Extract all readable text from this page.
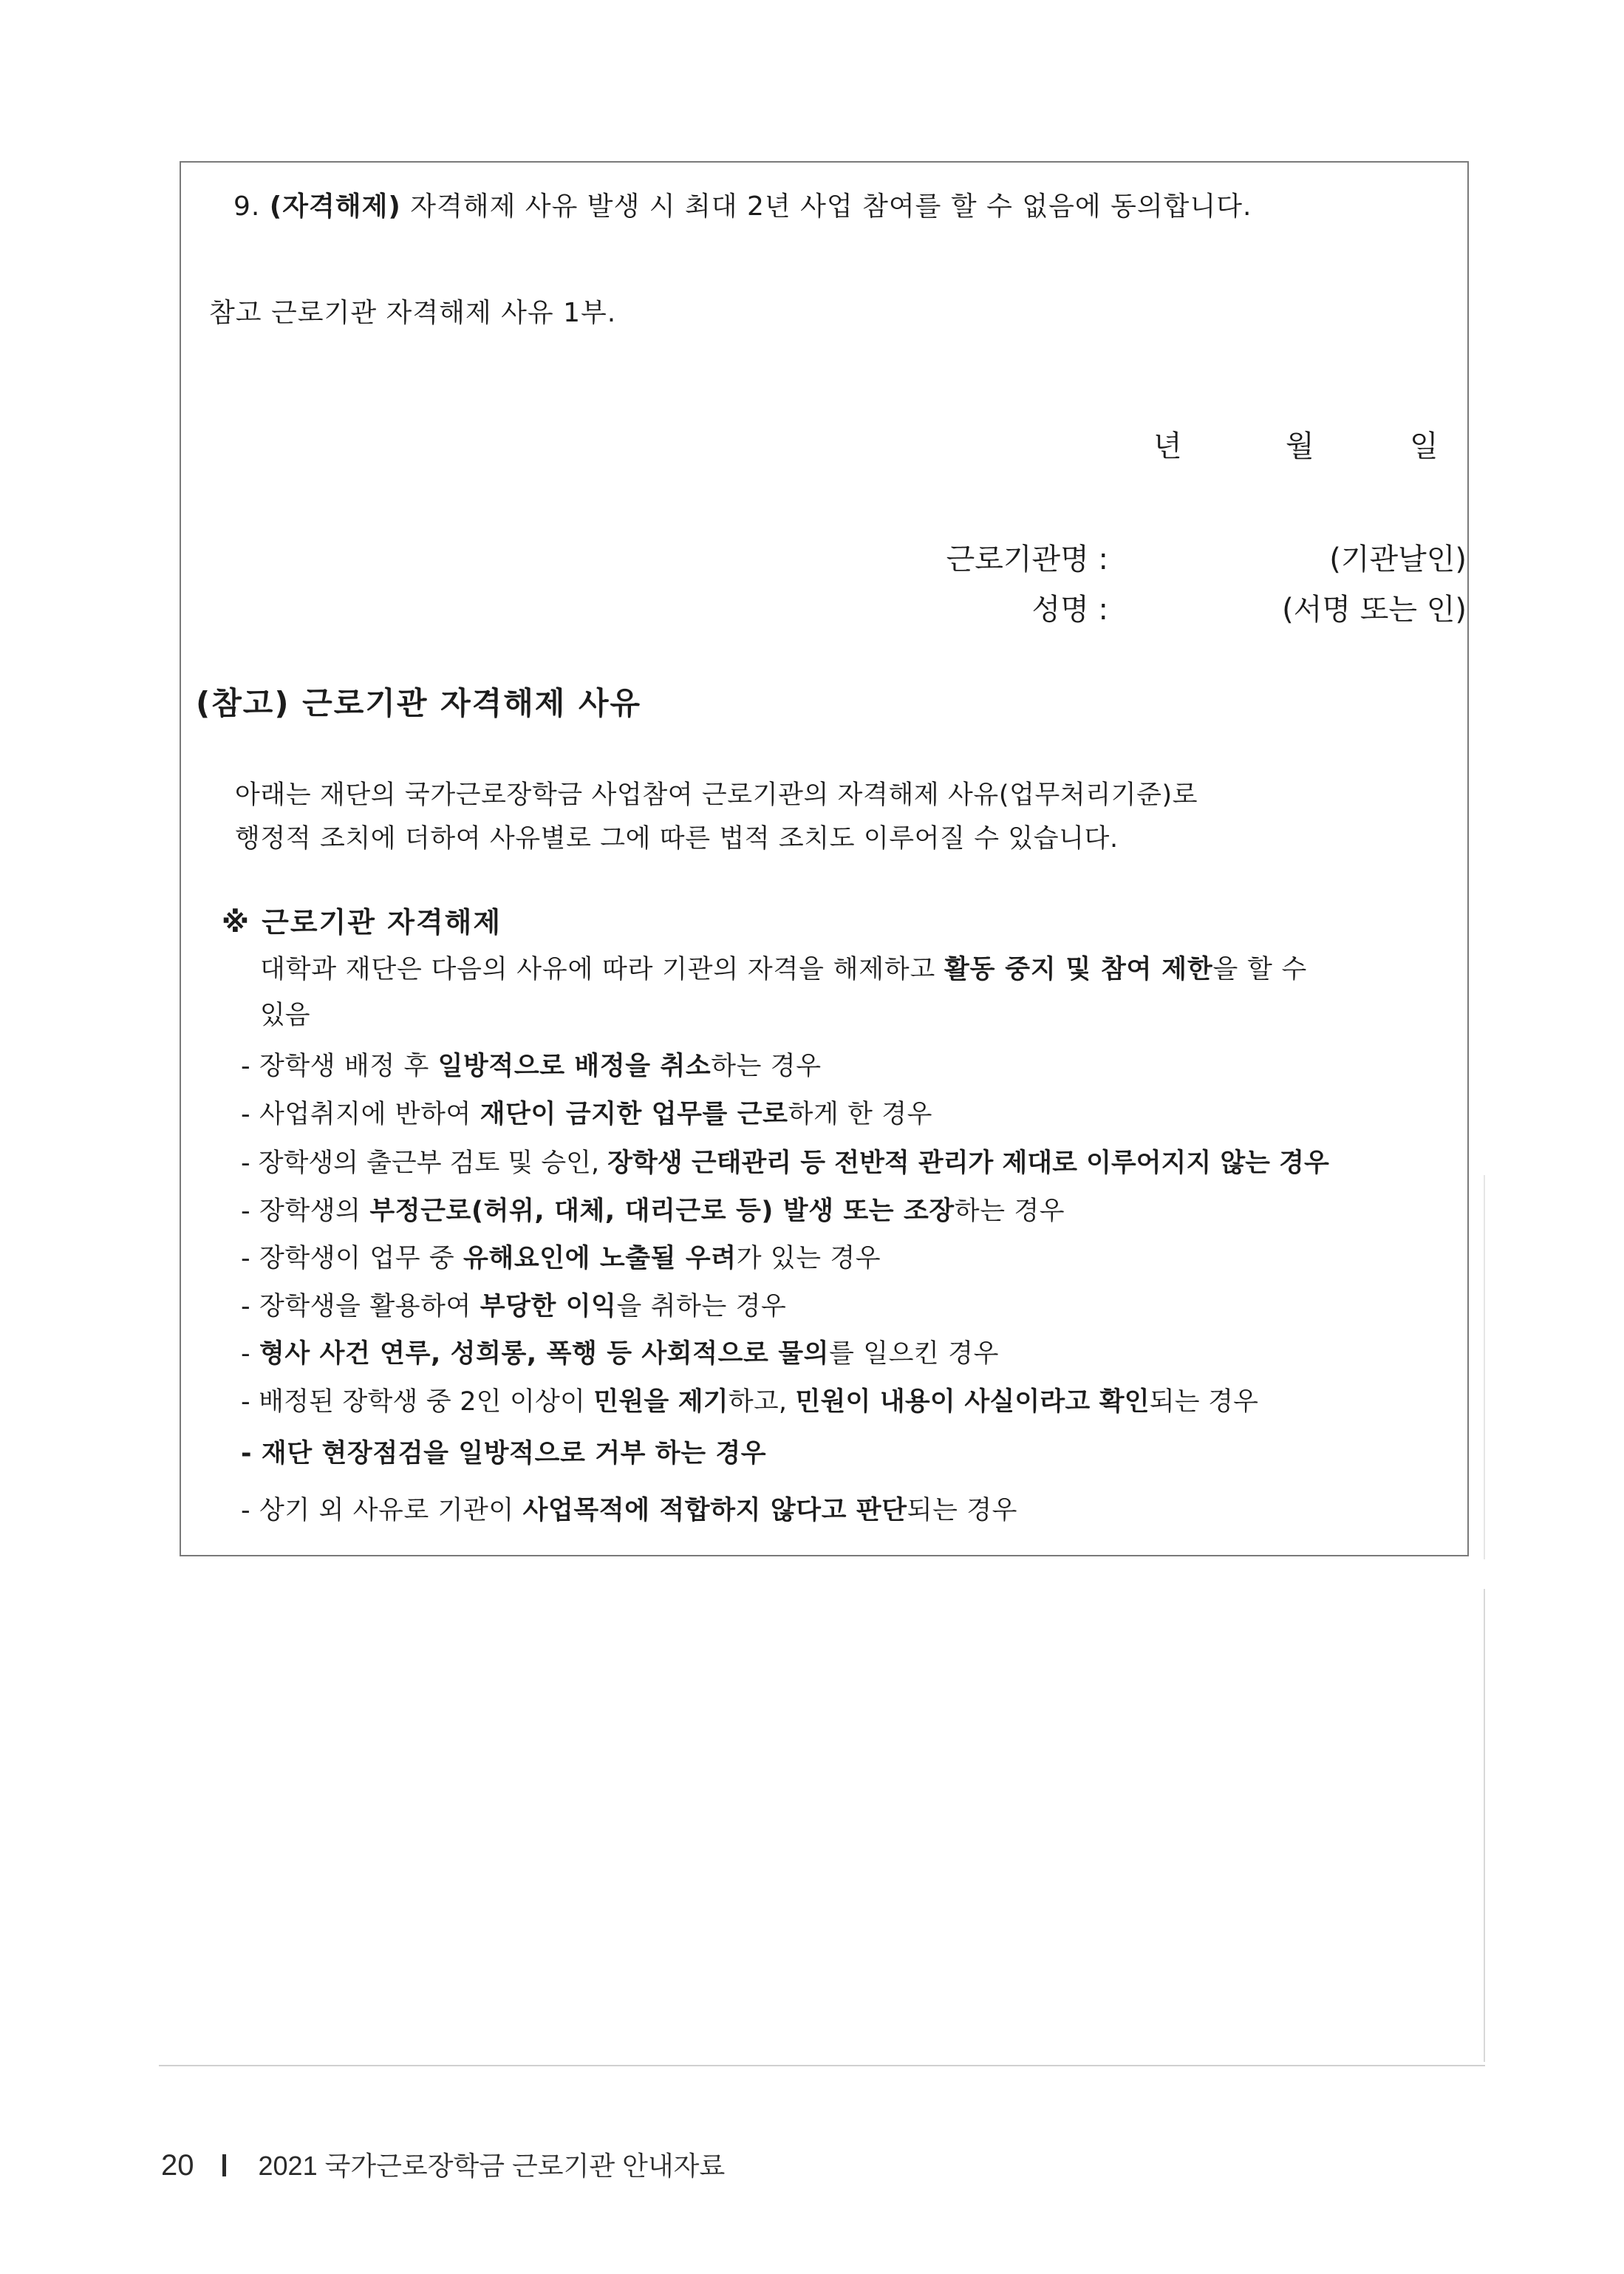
9. (자격해제) 자격해제 사유 발생 시 최대 2년 사업 참여를 할 수 없음에 동의합니다.
참고 근로기관 자격해제 사유 1부.
년	월	일
근로기관명 :	(기관날인)
성명 :	(서명 또는 인)
(참고) 근로기관 자격해제 사유
아래는 재단의 국가근로장학금 사업참여 근로기관의 자격해제 사유(업무처리기준)로
행정적 조치에 더하여 사유별로 그에 따른 법적 조치도 이루어질 수 있습니다.
※ 근로기관 자격해제
대학과 재단은 다음의 사유에 따라 기관의 자격을 해제하고 활동 중지 및 참여 제한을 할 수
있음
- 장학생 배정 후 일방적으로 배정을 취소하는 경우
- 사업취지에 반하여 재단이 금지한 업무를 근로하게 한 경우
- 장학생의 출근부 검토 및 승인, 장학생 근태관리 등 전반적 관리가 제대로 이루어지지 않는 경우
- 장학생의 부정근로(허위, 대체, 대리근로 등) 발생 또는 조장하는 경우
- 장학생이 업무 중 유해요인에 노출될 우려가 있는 경우
- 장학생을 활용하여 부당한 이익을 취하는 경우
- 형사 사건 연루, 성희롱, 폭행 등 사회적으로 물의를 일으킨 경우
- 배정된 장학생 중 2인 이상이 민원을 제기하고, 민원이 내용이 사실이라고 확인되는 경우
- 재단 현장점검을 일방적으로 거부 하는 경우
- 상기 외 사유로 기관이 사업목적에 적합하지 않다고 판단되는 경우
20 2021 국가근로장학금 근로기관 안내자료
